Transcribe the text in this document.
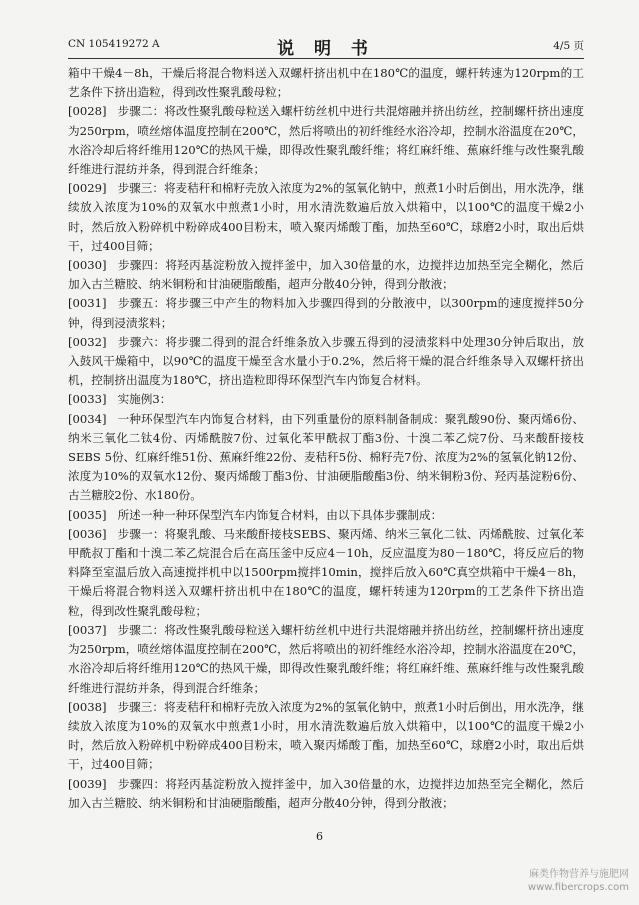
CN 105419272 A	说 明 书	4/5 页

箱中干燥4－8h，干燥后将混合物料送入双螺杆挤出机中在180℃的温度，螺杆转速为120rpm的工艺条件下挤出造粒，得到改性聚乳酸母粒；

[0028] 步骤二：将改性聚乳酸母粒送入螺杆纺丝机中进行共混熔融并挤出纺丝，控制螺杆挤出速度为250rpm，喷丝熔体温度控制在200℃，然后将喷出的初纤维经水浴冷却，控制水浴温度在20℃，水浴冷却后将纤维用120℃的热风干燥，即得改性聚乳酸纤维；将红麻纤维、蕉麻纤维与改性聚乳酸纤维进行混纺并条，得到混合纤维条；

[0029] 步骤三：将麦秸秆和棉籽壳放入浓度为2%的氢氧化钠中，煎煮1小时后倒出，用水洗净，继续放入浓度为10%的双氧水中煎煮1小时，用水清洗数遍后放入烘箱中，以100℃的温度干燥2小时，然后放入粉碎机中粉碎成400目粉末，喷入聚丙烯酸丁酯，加热至60℃，球磨2小时，取出后烘干，过400目筛；

[0030] 步骤四：将羟丙基淀粉放入搅拌釜中，加入30倍量的水，边搅拌边加热至完全糊化，然后加入古兰糖胶、纳米铜粉和甘油硬脂酸酯，超声分散40分钟，得到分散液；

[0031] 步骤五：将步骤三中产生的物料加入步骤四得到的分散液中，以300rpm的速度搅拌50分钟，得到浸渍浆料；

[0032] 步骤六：将步骤二得到的混合纤维条放入步骤五得到的浸渍浆料中处理30分钟后取出，放入鼓风干燥箱中，以90℃的温度干燥至含水量小于0.2%，然后将干燥的混合纤维条导入双螺杆挤出机，控制挤出温度为180℃，挤出造粒即得环保型汽车内饰复合材料。

[0033] 实施例3：

[0034] 一种环保型汽车内饰复合材料，由下列重量份的原料制备制成：聚乳酸90份、聚丙烯6份、纳米三氧化二钛4份、丙烯酰胺7份、过氧化苯甲酰叔丁酯3份、十溴二苯乙烷7份、马来酸酐接枝SEBS 5份、红麻纤维51份、蕉麻纤维22份、麦秸秆5份、棉籽壳7份、浓度为2%的氢氧化钠12份、浓度为10%的双氧水12份、聚丙烯酸丁酯3份、甘油硬脂酸酯3份、纳米铜粉3份、羟丙基淀粉6份、古兰糖胶2份、水180份。

[0035] 所述一种一种环保型汽车内饰复合材料，由以下具体步骤制成：

[0036] 步骤一：将聚乳酸、马来酸酐接枝SEBS、聚丙烯、纳米三氧化二钛、丙烯酰胺、过氧化苯甲酰叔丁酯和十溴二苯乙烷混合后在高压釜中反应4－10h，反应温度为80－180℃，将反应后的物料降至室温后放入高速搅拌机中以1500rpm搅拌10min，搅拌后放入60℃真空烘箱中干燥4－8h，干燥后将混合物料送入双螺杆挤出机中在180℃的温度，螺杆转速为120rpm的工艺条件下挤出造粒，得到改性聚乳酸母粒；

[0037] 步骤二：将改性聚乳酸母粒送入螺杆纺丝机中进行共混熔融并挤出纺丝，控制螺杆挤出速度为250rpm，喷丝熔体温度控制在200℃，然后将喷出的初纤维经水浴冷却，控制水浴温度在20℃，水浴冷却后将纤维用120℃的热风干燥，即得改性聚乳酸纤维；将红麻纤维、蕉麻纤维与改性聚乳酸纤维进行混纺并条，得到混合纤维条；

[0038] 步骤三：将麦秸秆和棉籽壳放入浓度为2%的氢氧化钠中，煎煮1小时后倒出，用水洗净，继续放入浓度为10%的双氧水中煎煮1小时，用水清洗数遍后放入烘箱中，以100℃的温度干燥2小时，然后放入粉碎机中粉碎成400目粉末，喷入聚丙烯酸丁酯，加热至60℃，球磨2小时，取出后烘干，过400目筛；

[0039] 步骤四：将羟丙基淀粉放入搅拌釜中，加入30倍量的水，边搅拌边加热至完全糊化，然后加入古兰糖胶、纳米铜粉和甘油硬脂酸酯，超声分散40分钟，得到分散液；

6
麻类作物营养与施肥网
www.fibercrops.com
